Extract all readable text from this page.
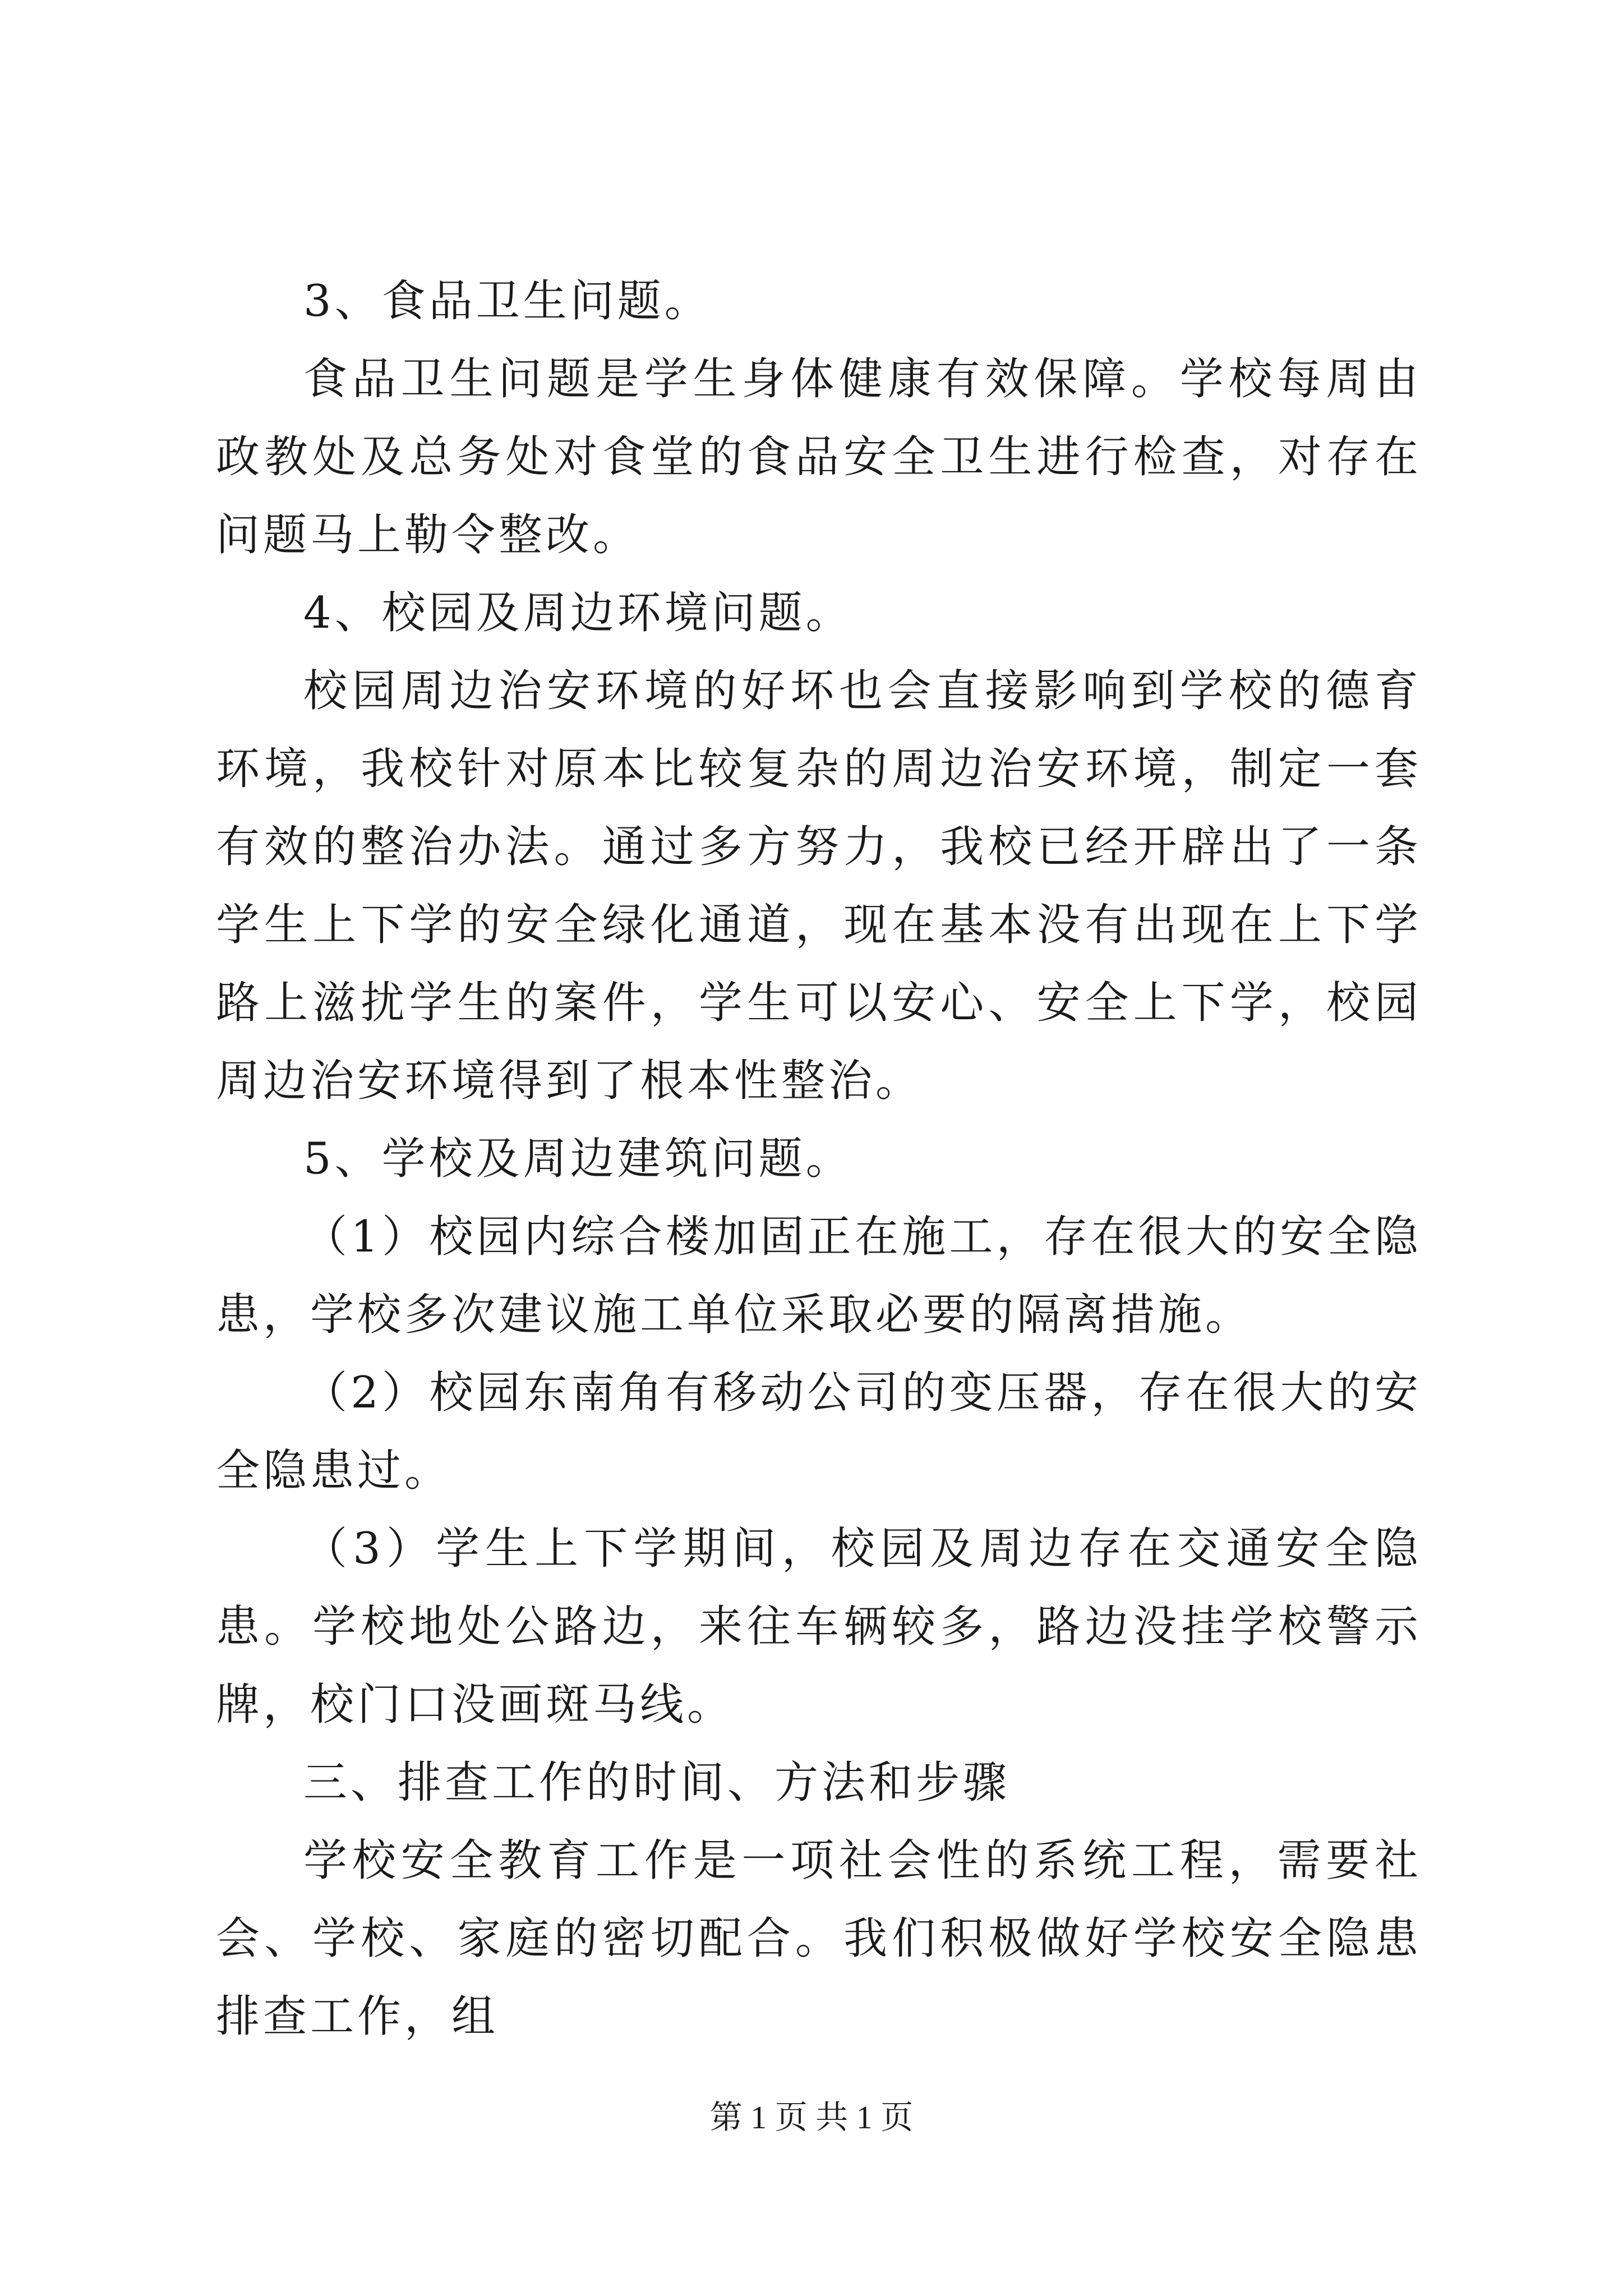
3、食品卫生问题。

食品卫生问题是学生身体健康有效保障。学校每周由政教处及总务处对食堂的食品安全卫生进行检查，对存在问题马上勒令整改。

4、校园及周边环境问题。

校园周边治安环境的好坏也会直接影响到学校的德育环境，我校针对原本比较复杂的周边治安环境，制定一套有效的整治办法。通过多方努力，我校已经开辟出了一条学生上下学的安全绿化通道，现在基本没有出现在上下学路上滋扰学生的案件，学生可以安心、安全上下学，校园周边治安环境得到了根本性整治。

5、学校及周边建筑问题。

（1）校园内综合楼加固正在施工，存在很大的安全隐患，学校多次建议施工单位采取必要的隔离措施。

（2）校园东南角有移动公司的变压器，存在很大的安全隐患过。

（3）学生上下学期间，校园及周边存在交通安全隐患。学校地处公路边，来往车辆较多，路边没挂学校警示牌，校门口没画斑马线。

三、排查工作的时间、方法和步骤

学校安全教育工作是一项社会性的系统工程，需要社会、学校、家庭的密切配合。我们积极做好学校安全隐患排查工作，组

第 1 页 共 1 页
